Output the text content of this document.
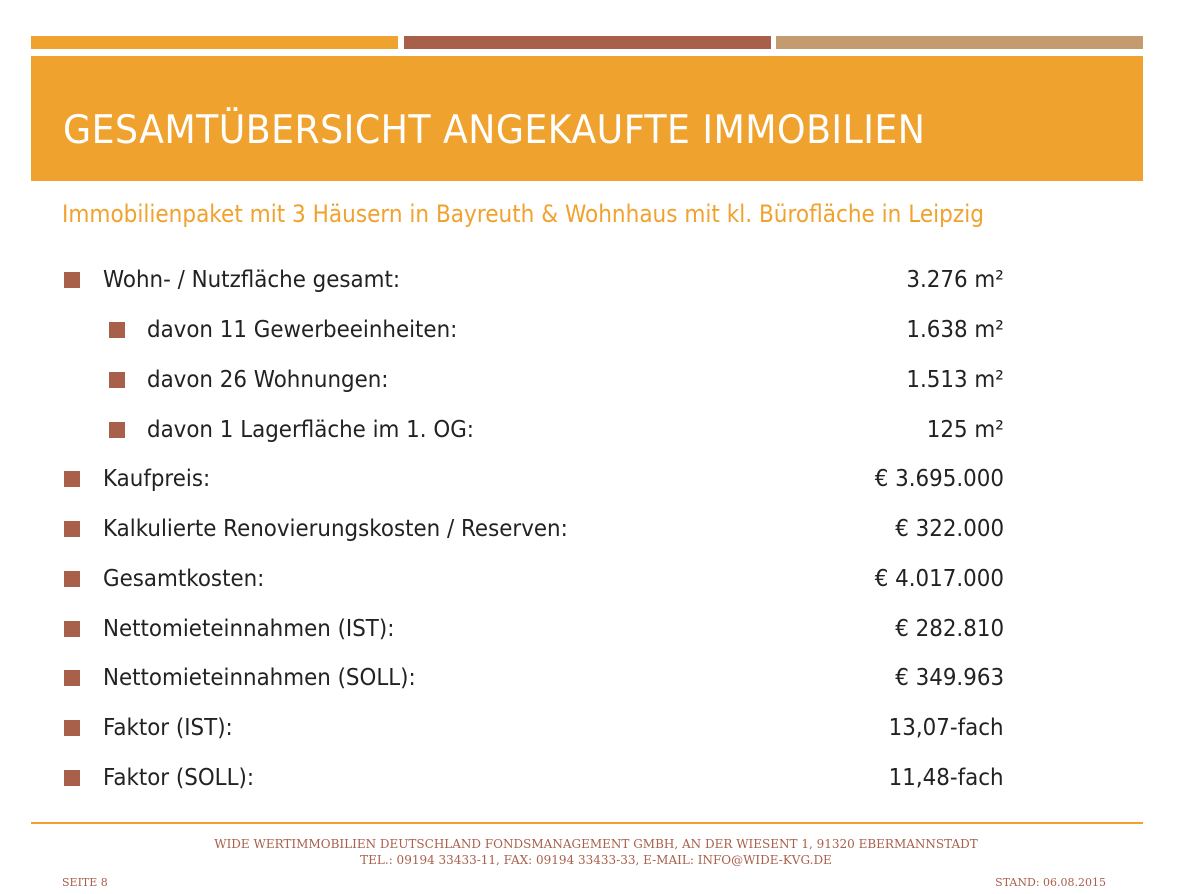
GESAMTÜBERSICHT ANGEKAUFTE IMMOBILIEN
Immobilienpaket mit 3 Häusern in Bayreuth & Wohnhaus mit kl. Bürofläche in Leipzig
Wohn- / Nutzfläche gesamt:	3.276 m²
davon 11 Gewerbeeinheiten:	1.638 m²
davon 26 Wohnungen:	1.513 m²
davon 1 Lagerfläche im 1. OG:	125 m²
Kaufpreis:	€ 3.695.000
Kalkulierte Renovierungskosten / Reserven:	€ 322.000
Gesamtkosten:	€ 4.017.000
Nettomieteinnahmen (IST):	€ 282.810
Nettomieteinnahmen (SOLL):	€ 349.963
Faktor (IST):	13,07-fach
Faktor (SOLL):	11,48-fach
WIDE WERTIMMOBILIEN DEUTSCHLAND FONDSMANAGEMENT GMBH, AN DER WIESENT 1, 91320 EBERMANNSTADT
TEL.: 09194 33433-11, FAX: 09194 33433-33, E-MAIL: INFO@WIDE-KVG.DE
SEITE 8	STAND: 06.08.2015
